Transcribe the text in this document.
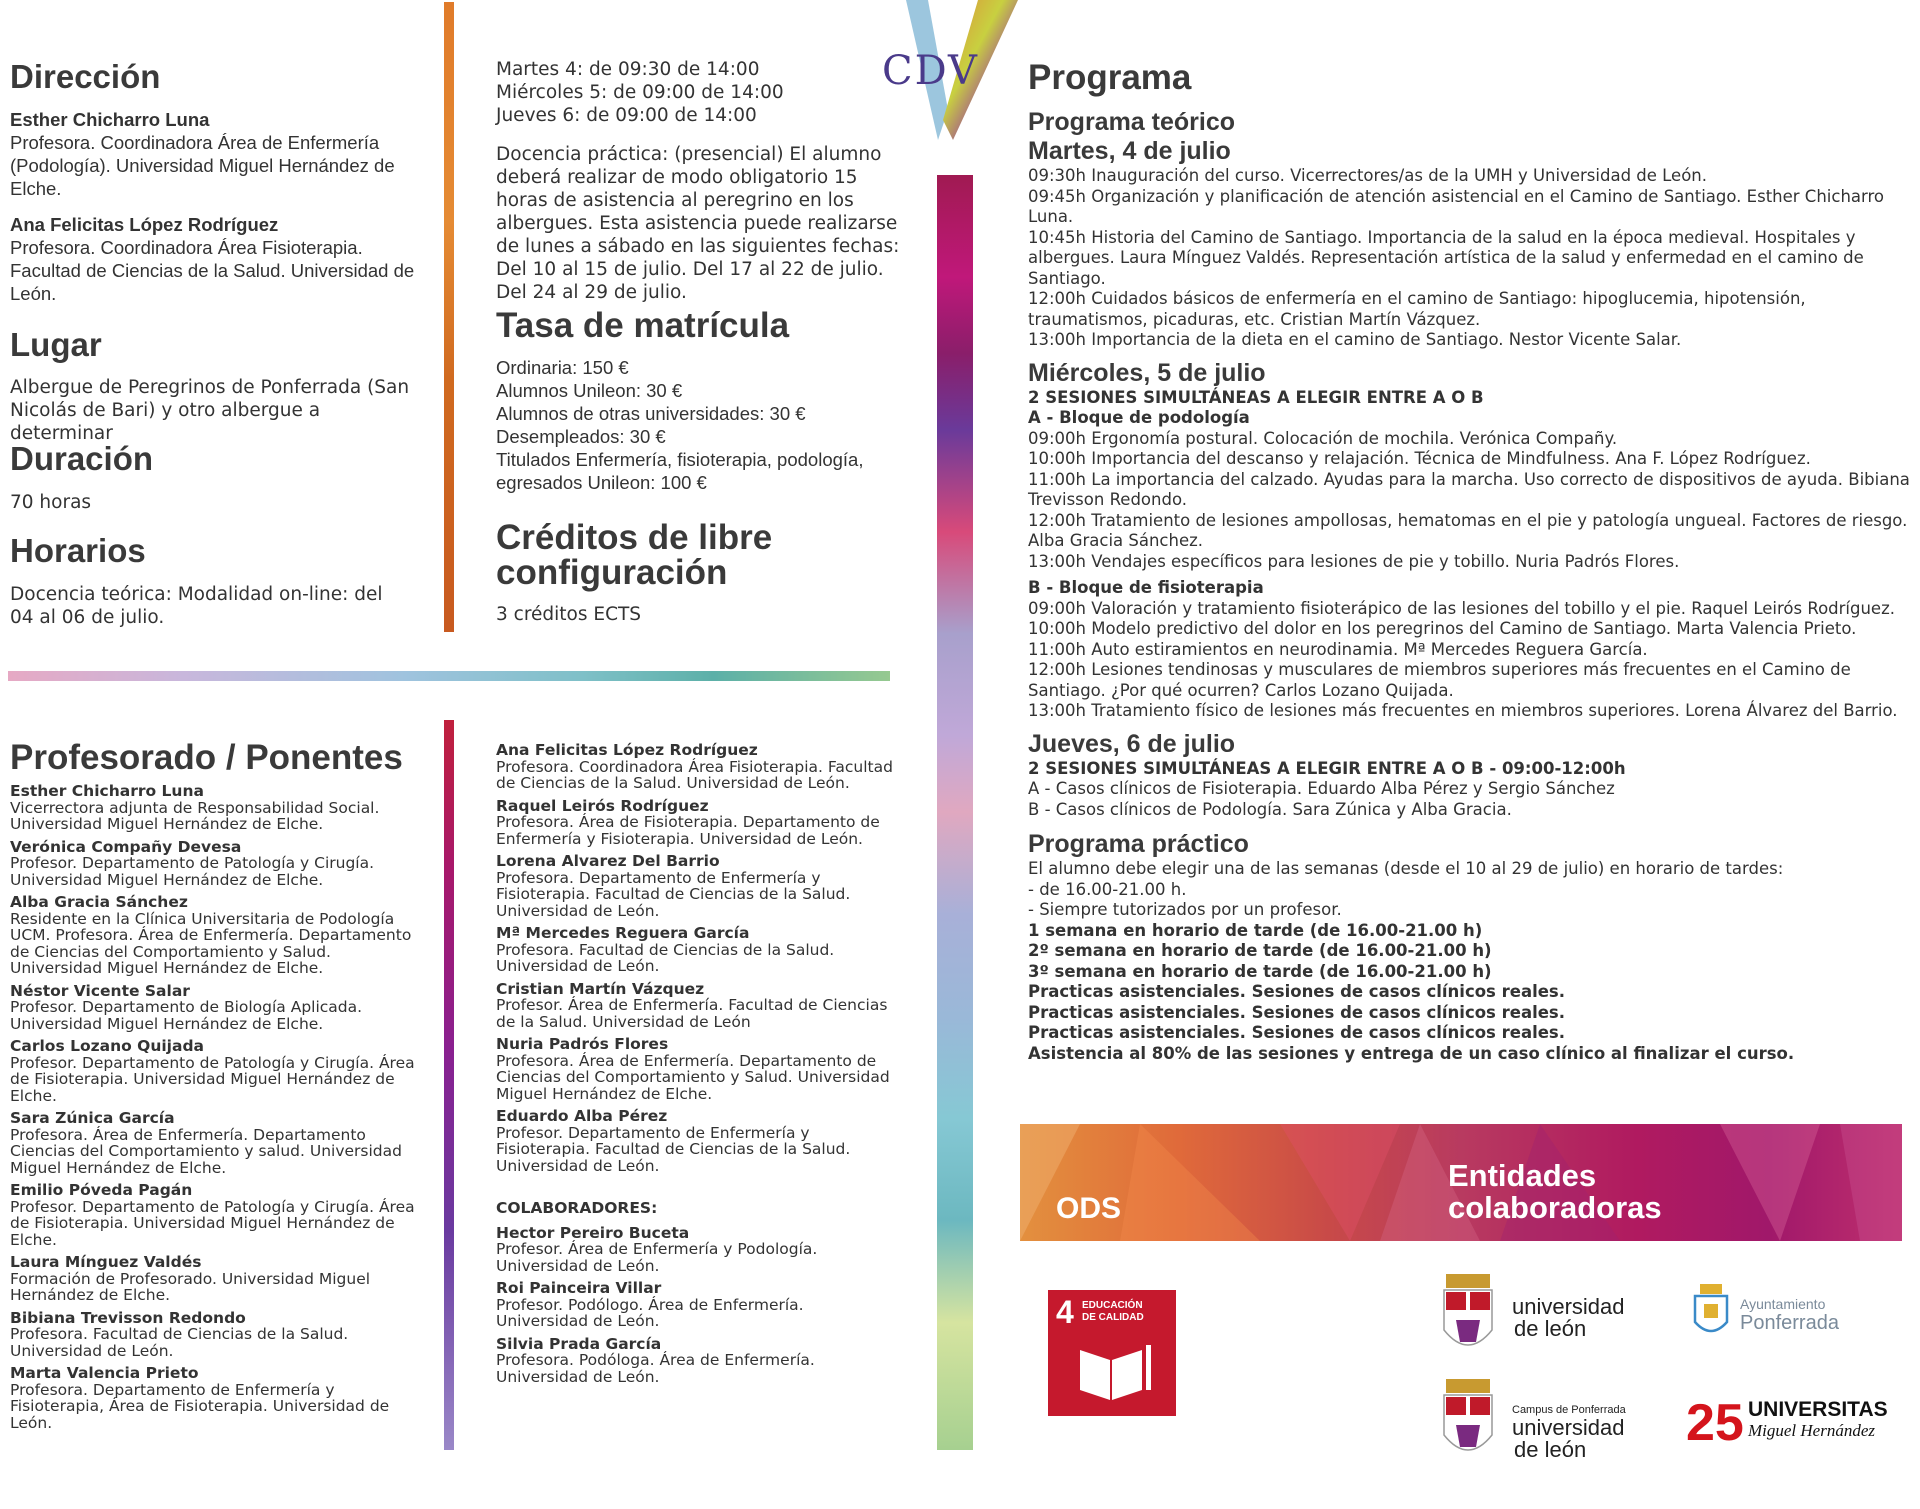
CDV
Dirección
Esther Chicharro Luna
Profesora. Coordinadora Área de Enfermería (Podología). Universidad Miguel Hernández de Elche.
Ana Felicitas López Rodríguez
Profesora. Coordinadora Área Fisioterapia. Facultad de Ciencias de la Salud. Universidad de León.
Lugar
Albergue de Peregrinos de Ponferrada (San Nicolás de Bari) y otro albergue a determinar
Duración
70 horas
Horarios
Docencia teórica: Modalidad on-line: del 04 al 06 de julio.
Martes 4: de 09:30 de 14:00
Miércoles 5: de 09:00 de 14:00
Jueves 6: de 09:00 de 14:00
Docencia práctica: (presencial) El alumno deberá realizar de modo obligatorio 15 horas de asistencia al peregrino en los albergues. Esta asistencia puede realizarse de lunes a sábado en las siguientes fechas: Del 10 al 15 de julio. Del 17 al 22 de julio. Del 24 al 29 de julio.
Tasa de matrícula
Ordinaria: 150 €
Alumnos Unileon: 30 €
Alumnos de otras universidades: 30 €
Desempleados: 30 €
Titulados Enfermería, fisioterapia, podología, egresados Unileon: 100 €
Créditos de libre configuración
3 créditos ECTS
Profesorado / Ponentes
Esther Chicharro Luna
Vicerrectora adjunta de Responsabilidad Social. Universidad Miguel Hernández de Elche.
Verónica Compañy Devesa
Profesor. Departamento de Patología y Cirugía. Universidad Miguel Hernández de Elche.
Alba Gracia Sánchez
Residente en la Clínica Universitaria de Podología UCM. Profesora. Área de Enfermería. Departamento de Ciencias del Comportamiento y Salud. Universidad Miguel Hernández de Elche.
Néstor Vicente Salar
Profesor. Departamento de Biología Aplicada. Universidad Miguel Hernández de Elche.
Carlos Lozano Quijada
Profesor. Departamento de Patología y Cirugía. Área de Fisioterapia. Universidad Miguel Hernández de Elche.
Sara Zúnica García
Profesora. Área de Enfermería. Departamento Ciencias del Comportamiento y salud. Universidad Miguel Hernández de Elche.
Emilio Póveda Pagán
Profesor. Departamento de Patología y Cirugía. Área de Fisioterapia. Universidad Miguel Hernández de Elche.
Laura Mínguez Valdés
Formación de Profesorado. Universidad Miguel Hernández de Elche.
Bibiana Trevisson Redondo
Profesora. Facultad de Ciencias de la Salud. Universidad de León.
Marta Valencia Prieto
Profesora. Departamento de Enfermería y Fisioterapia, Área de Fisioterapia. Universidad de León.
Ana Felicitas López Rodríguez
Profesora. Coordinadora Área Fisioterapia. Facultad de Ciencias de la Salud. Universidad de León.
Raquel Leirós Rodríguez
Profesora. Área de Fisioterapia. Departamento de Enfermería y Fisioterapia. Universidad de León.
Lorena Alvarez Del Barrio
Profesora. Departamento de Enfermería y Fisioterapia. Facultad de Ciencias de la Salud. Universidad de León.
Mª Mercedes Reguera García
Profesora. Facultad de Ciencias de la Salud. Universidad de León.
Cristian Martín Vázquez
Profesor. Área de Enfermería. Facultad de Ciencias de la Salud. Universidad de León
Nuria Padrós Flores
Profesora. Área de Enfermería. Departamento de Ciencias del Comportamiento y Salud. Universidad Miguel Hernández de Elche.
Eduardo Alba Pérez
Profesor. Departamento de Enfermería y Fisioterapia. Facultad de Ciencias de la Salud. Universidad de León.
COLABORADORES:
Hector Pereiro Buceta
Profesor. Área de Enfermería y Podología. Universidad de León.
Roi Painceira Villar
Profesor. Podólogo. Área de Enfermería. Universidad de León.
Silvia Prada García
Profesora. Podóloga. Área de Enfermería. Universidad de León.
Programa
Programa teórico
Martes, 4 de julio
09:30h Inauguración del curso. Vicerrectores/as de la UMH y Universidad de León.
09:45h Organización y planificación de atención asistencial en el Camino de Santiago. Esther Chicharro Luna.
10:45h Historia del Camino de Santiago. Importancia de la salud en la época medieval. Hospitales y albergues. Laura Mínguez Valdés. Representación artística de la salud y enfermedad en el camino de Santiago.
12:00h Cuidados básicos de enfermería en el camino de Santiago: hipoglucemia, hipotensión, traumatismos, picaduras, etc. Cristian Martín Vázquez.
13:00h Importancia de la dieta en el camino de Santiago. Nestor Vicente Salar.
Miércoles, 5 de julio
2 SESIONES SIMULTÁNEAS A ELEGIR ENTRE A O B
A - Bloque de podología
09:00h Ergonomía postural. Colocación de mochila. Verónica Compañy.
10:00h Importancia del descanso y relajación. Técnica de Mindfulness. Ana F. López Rodríguez.
11:00h La importancia del calzado. Ayudas para la marcha. Uso correcto de dispositivos de ayuda. Bibiana Trevisson Redondo.
12:00h Tratamiento de lesiones ampollosas, hematomas en el pie y patología ungueal. Factores de riesgo. Alba Gracia Sánchez.
13:00h Vendajes específicos para lesiones de pie y tobillo. Nuria Padrós Flores.
B - Bloque de fisioterapia
09:00h Valoración y tratamiento fisioterápico de las lesiones del tobillo y el pie. Raquel Leirós Rodríguez.
10:00h Modelo predictivo del dolor en los peregrinos del Camino de Santiago. Marta Valencia Prieto.
11:00h Auto estiramientos en neurodinamia. Mª Mercedes Reguera García.
12:00h Lesiones tendinosas y musculares de miembros superiores más frecuentes en el Camino de Santiago. ¿Por qué ocurren? Carlos Lozano Quijada.
13:00h Tratamiento físico de lesiones más frecuentes en miembros superiores. Lorena Álvarez del Barrio.
Jueves, 6 de julio
2 SESIONES SIMULTÁNEAS A ELEGIR ENTRE A O B - 09:00-12:00h
A - Casos clínicos de Fisioterapia. Eduardo Alba Pérez y Sergio Sánchez
B - Casos clínicos de Podología. Sara Zúnica y Alba Gracia.
Programa práctico
El alumno debe elegir una de las semanas (desde el 10 al 29 de julio) en horario de tardes:
- de 16.00-21.00 h.
- Siempre tutorizados por un profesor.
1 semana en horario de tarde (de 16.00-21.00 h)
2º semana en horario de tarde (de 16.00-21.00 h)
3º semana en horario de tarde (de 16.00-21.00 h)
Practicas asistenciales. Sesiones de casos clínicos reales.
Practicas asistenciales. Sesiones de casos clínicos reales.
Practicas asistenciales. Sesiones de casos clínicos reales.
Asistencia al 80% de las sesiones y entrega de un caso clínico al finalizar el curso.
ODS
Entidades colaboradoras
4 EDUCACIÓN
DE CALIDAD	universidad
de león
Campus de Ponferrada
universidad
de león
Ayuntamiento
Ponferrada
25 UNIVERSITAS
Miguel Hernández
